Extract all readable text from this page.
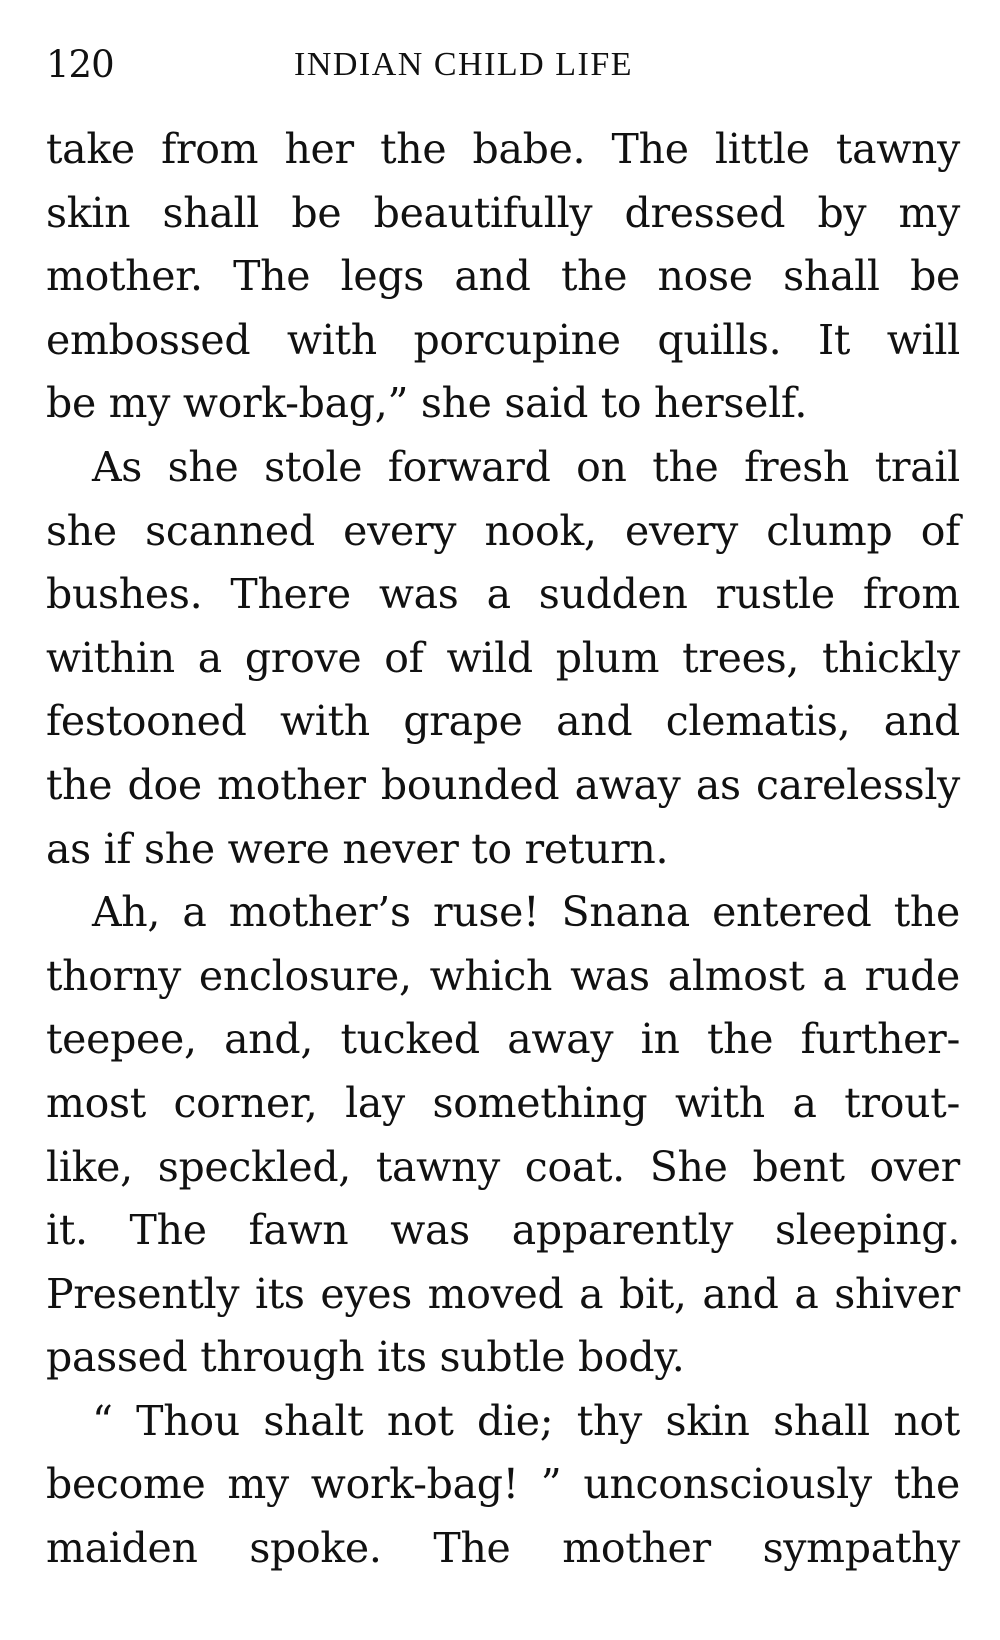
120	INDIAN CHILD LIFE
take from her the babe. The little tawny
skin shall be beautifully dressed by my
mother. The legs and the nose shall be
embossed with porcupine quills. It will
be my work-bag,” she said to herself.
As she stole forward on the fresh trail
she scanned every nook, every clump of
bushes. There was a sudden rustle from
within a grove of wild plum trees, thickly
festooned with grape and clematis, and
the doe mother bounded away as carelessly
as if she were never to return.
Ah, a mother’s ruse! Snana entered the
thorny enclosure, which was almost a rude
teepee, and, tucked away in the further-
most corner, lay something with a trout-
like, speckled, tawny coat. She bent over
it. The fawn was apparently sleeping.
Presently its eyes moved a bit, and a shiver
passed through its subtle body.
“ Thou shalt not die; thy skin shall not
become my work-bag! ” unconsciously the
maiden spoke. The mother sympathy
